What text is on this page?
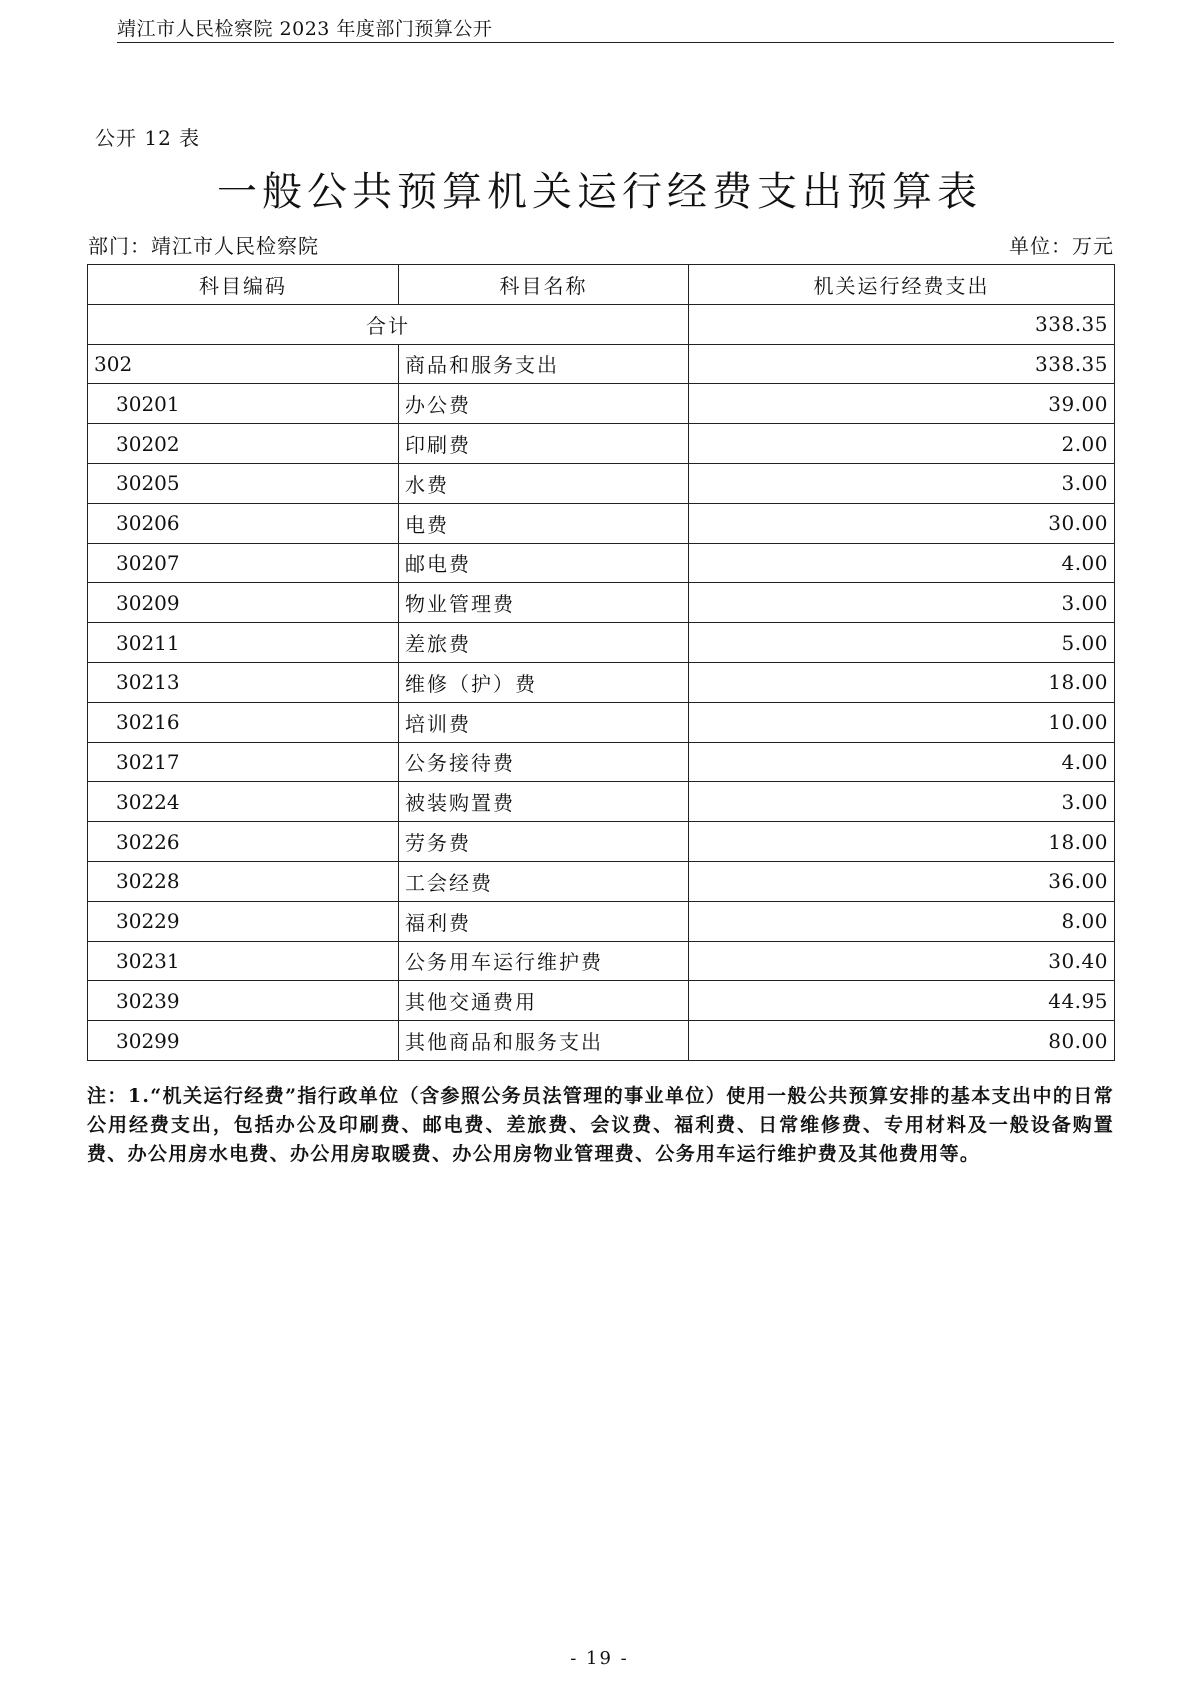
靖江市人民检察院 2023 年度部门预算公开
公开 12 表
一般公共预算机关运行经费支出预算表
部门：靖江市人民检察院	单位：万元
科目编码	科目名称	机关运行经费支出
合计		338.35
302	商品和服务支出	338.35
30201	办公费	39.00
30202	印刷费	2.00
30205	水费	3.00
30206	电费	30.00
30207	邮电费	4.00
30209	物业管理费	3.00
30211	差旅费	5.00
30213	维修（护）费	18.00
30216	培训费	10.00
30217	公务接待费	4.00
30224	被装购置费	3.00
30226	劳务费	18.00
30228	工会经费	36.00
30229	福利费	8.00
30231	公务用车运行维护费	30.40
30239	其他交通费用	44.95
30299	其他商品和服务支出	80.00
注：1.“机关运行经费”指行政单位（含参照公务员法管理的事业单位）使用一般公共预算安排的基本支出中的日常公用经费支出，包括办公及印刷费、邮电费、差旅费、会议费、福利费、日常维修费、专用材料及一般设备购置费、办公用房水电费、办公用房取暖费、办公用房物业管理费、公务用车运行维护费及其他费用等。
- 19 -
